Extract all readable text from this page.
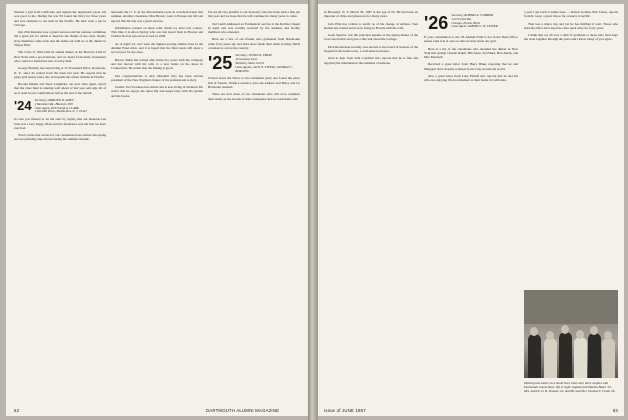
married a girl from California and despite the depression years, his was good to me. During the war Ed found the Navy for three years and was assistant to our man in the Pacific. He later took a job in Chicago.

Our 25th Reunion was a grand success and the reunion committee did a great job for which it deserves the thanks of the class. Nearly sixty members came back and the ladies sat with us at the dinner in Thayer Hall.

The Class of 1922 held its annual dinner at the Harvard Club in New York with a good turnout, and we heard from many classmates who could not attend but sent word by mail.

George Bradley has been living at 12 Townsend Drive, Rochester, N. Y., since he retired from the bank last year. He reports that he plays golf nearly every day and spends the winter months in Florida.

Brooke Palmer and Dean Langmaid, our new class agent, report that the class fund is running well ahead of last year and urge all of us to send in our contributions before the end of the month.

'24 Secretary, ORMOND W. AMES
2 Bannister Rd., Hanover, N.H.
Class Agent, DOUGLAS A. CLARK
2 Deerhill Drive, Ho-Ho-Kus, N. J. 07423

In case you missed it, let me start by saying that our Reunion last June was a very happy affair and the attendance was the best we have ever had.

Word comes that several of our classmates have retired this spring and are planning trips abroad during the summer months.

represent the U. S. in the International races in Czechoslovakia this summer. Another classmate, Max Brown, went to Europe last fall and reports that the trip was a great success.

Information wanted on those with whom we have lost contact. This time it is Alton Spring who was last heard from in Boston and Charles Norton who moved west in 1958.

As of April 24, ours were the highest-scoring alumni class in the Alumni Fund drive, and it is hoped that the final totals will show a record year for the class.

Brown Shinn has retired after thirty-two years with the company and has moved with his wife to a new home on the shore in Connecticut. He writes that the fishing is good.

Our congratulations to Roy Marshall who has been elected president of the New England chapter of his professional society.

Charlie Van Voorhees has retired and is now living in Vermont. He writes that he enjoys the quiet life and keeps busy with his garden and his books.

We are all very grateful to our Secretary who has done such a fine job this year and we hope that he will continue for many years to come.

Ted Lamb addressed an Ecumenical service at the Rollins Chapel in April and was warmly received by the students and faculty members who attended.

Here are a few of our friends who graduated from Dartmouth some forty years ago and have since made their mark in many fields of endeavor across the country.

'25 Secretary, JUSTIN K. FRASE
40 Gateway Lane
Wellesley, Mass. 02151
Class Agents, JACK N. STEELE, GEORGE C. BURGESS

Trotted down the Nerve to his retirement party and found the place full of friends. Wallie Lawrence gave the address and Harry and Lu Hofstetter assisted.

There are four more of our classmates who will soon complete their terms on the boards of their companies and we wish them well.

62	DARTMOUTH ALUMNI MAGAZINE

in Brooklyn, N. Y. March 30, 1967 at the age of 63. He had been an importer of china and glassware for many years.

Jack Ellis has written to notify us of his change of address. Tom Kerber has retired and is now living in Florida with his wife.

Gene Spencer was the principal speaker at the spring dinner of the local association and gave a fine talk about the College.

Dick Richardson recently was elected to the board of trustees of the hospital in his home town, a well-deserved honor.

Glad to hear from Sam Coleman who reports that he is fine and enjoying his retirement in the sunshine of Arizona.

'26 Secretary, ROBERT A. CURRIER
1215 Forest Rd.
Chicago, Illinois 60611
Class Agent, ALBERT G. W. LESTER

If your contribution to the '26 Alumni Fund is not in the Fund office, please send it in at once so that we may reach our goal.

Here is a list of the classmates who attended the dinner in New York this spring: Charlie Ralph, Bill Jones, Ted Hurd, Bob Ahern, and Mac Maxwell.

Received a great letter from Harry Blake reporting that he and Margaret have recently returned from a trip around the world.

Also a great letter from Lane Flaniff who reports that he and his wife are enjoying life in retirement at their home in California.

a year I get back to home base — Robert Golden, Bob Chase, reports from R. Gray, a great trip so far, scenery is terrific.

That was a major trip and yet he has fulfilled it well. Those who hold the office have kept the class spirit alive for forty years.

I think that we all owe a debt of gratitude to those who have kept the class together through the years and I know many of you agree.

Meeting last winter on a South Sea cruise were three couples with Dartmouth connections: left to right: Ingham and Martha Baker '25, Mrs. and Dr. D. R. Thomas '22, and Mr. and Mrs. Thomas S. Frank '26.
Issue of JUNE 1967	63
